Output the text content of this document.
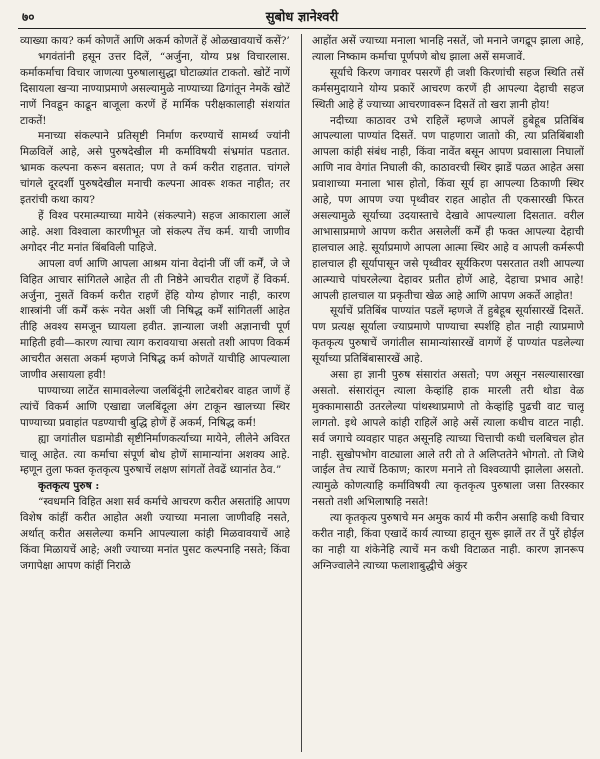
७०	सुबोध ज्ञानेश्वरी

व्याख्या काय? कर्म कोणतें आणि अकर्म कोणतें हें ओळखावयाचें कसें?’

भगवंतांनी हसून उत्तर दिलें, “अर्जुना, योग्य प्रश्न विचारलास. कर्माकर्माचा विचार जाणत्या पुरुषालासुद्धा घोटाळ्यांत टाकतो. खोटें नाणें दिसायला खऱ्या नाण्याप्रमाणे असल्यामुळे नाण्याच्या ढिगांतून नेमकें खोटें नाणें निवडून काढून बाजूला करणें हें मार्मिक परीक्षकालाही संशयांत टाकतें!

मनाच्या संकल्पाने प्रतिसृष्टी निर्माण करण्याचें सामर्थ्य ज्यांनी मिळविलें आहे, असे पुरुषदेखील मी कर्माविषयी संभ्रमांत पडतात. भ्रामक कल्पना करून बसतात; पण ते कर्म करीत राहतात. चांगले चांगले दूरदर्शी पुरुषदेखील मनाची कल्पना आवरू शकत नाहीत; तर इतरांची कथा काय?

हें विश्व परमात्म्याच्या मायेने (संकल्पाने) सहज आकाराला आलें आहे. अशा विश्वाला कारणीभूत जो संकल्प तेंच कर्म. याची जाणीव अगोदर नीट मनांत बिंबविली पाहिजे.

आपला वर्ण आणि आपला आश्रम यांना वेदांनी जीं जीं कर्में, जे जे विहित आचार सांगितले आहेत ती ती निष्ठेने आचरीत राहणें हें विकर्म. अर्जुना, नुसतें विकर्म करीत राहणें हेंहि योग्य होणार नाही, कारण शास्त्रांनी जीं कर्में करूं नयेत अशीं जी निषिद्ध कर्में सांगितलीं आहेत तीहि अवश्य समजून घ्यायला हवीत. ज्ञान्याला जशी अज्ञानाची पूर्ण माहिती हवी—कारण त्याचा त्याग करावयाचा असतो तशी आपण विकर्म आचरीत असता अकर्म म्हणजे निषिद्ध कर्म कोणतें याचीहि आपल्याला जाणीव असायला हवी!

पाण्याच्या लाटेंत सामावलेल्या जलबिंदूंनी लाटेबरोबर वाहत जाणें हें त्यांचें विकर्म आणि एखाद्या जलबिंदूला अंग टाकून खालच्या स्थिर पाण्याच्या प्रवाहांत पडण्याची बुद्धि होणें हें अकर्म, निषिद्ध कर्म!

ह्या जगांतील घडामोडी सृष्टीनिर्माणकर्त्याच्या मायेने, लीलेने अविरत चालू आहेत. त्या कर्माचा संपूर्ण बोध होणें सामान्यांना अशक्य आहे. म्हणून तुला फक्त कृतकृत्य पुरुषाचें लक्षण सांगतों तेवढें ध्यानांत ठेव.”

कृतकृत्य पुरुष :

“स्वधमनि विहित अशा सर्व कर्माचे आचरण करीत असतांहि आपण विशेष कांहीं करीत आहोत अशी ज्याच्या मनाला जाणीवहि नसते, अर्थात् करीत असलेल्या कमनि आपल्याला कांही मिळवावयाचें आहे किंवा मिळायचें आहे; अशी ज्याच्या मनांत पुसट कल्पनाहि नसते; किंवा जगापेक्षा आपण कांहीं निराळे

आहोंत असें ज्याच्या मनाला भानहि नसतें, जो मनाने जगद्रूप झाला आहे, त्याला निष्काम कर्माचा पूर्णपणे बोध झाला असें समजावें.

सूर्याचे किरण जगावर पसरणें ही जशी किरणांची सहज स्थिति तसें कर्मसमुदायाने योग्य प्रकारें आचरण करणें ही आपल्या देहाची सहज स्थिती आहे हें ज्याच्या आचरणावरून दिसतें तो खरा ज्ञानी होय!

नदीच्या काठावर उभे राहिलें म्हणजे आपलें हुबेहूब प्रतिबिंब आपल्याला पाण्यांत दिसतें. पण पाहणारा जाताो की, त्या प्रतिबिंबाशी आपला कांही संबंध नाही, किंवा नावेंत बसून आपण प्रवासाला निघालों आणि नाव वेगांत निघाली की, काठावरची स्थिर झाडें पळत आहेत असा प्रवाशाच्या मनाला भास होतो, किंवा सूर्य हा आपल्या ठिकाणी स्थिर आहे, पण आपण ज्या पृथ्वीवर राहत आहोत ती एकसारखी फिरत असल्यामुळे सूर्याच्या उदयास्ताचे देखावे आपल्याला दिसतात. वरील आभासाप्रमाणे आपण करीत असलेलीं कर्में ही फक्त आपल्या देहाची हालचाल आहे. सूर्याप्रमाणे आपला आत्मा स्थिर आहे व आपली कर्मरूपी हालचाल ही सूर्यापासून जसे पृथ्वीवर सूर्यकिरण पसरतात तशी आपल्या आत्म्याचे पांघरलेल्या देहावर प्रतीत होणें आहे, देहाचा प्रभाव आहे! आपली हालचाल या प्रकृतीचा खेळ आहे आणि आपण अकर्ते आहोत!

सूर्याचें प्रतिबिंब पाण्यांत पडलें म्हणजे तें हुबेहूब सूर्यासारखें दिसतें. पण प्रत्यक्ष सूर्याला ज्याप्रमाणे पाण्याचा स्पर्शहि होत नाही त्याप्रमाणे कृतकृत्य पुरुषाचें जगांतील सामान्यांसारखें वागणें हें पाण्यांत पडलेल्या सूर्याच्या प्रतिबिंबासारखें आहे.

असा हा ज्ञानी पुरुष संसारांत असतो; पण असून नसल्यासारखा असतो. संसारांतून त्याला केव्हांहि हाक मारली तरी थोडा वेळ मुक्कामासाठी उतरलेल्या पांथस्थाप्रमाणे तो केव्हांहि पुढची वाट चालू लागतो. इथे आपले कांही राहिलें आहे असें त्याला कधीच वाटत नाही. सर्व जगाचे व्यवहार पाहत असूनहि त्याच्या चित्ताची कधी चलबिचल होत नाही. सुखोपभोग वाट्याला आले तरी तो ते अलिप्ततेने भोगतो. तो जिथे जाईल तेच त्याचें ठिकाण; कारण मनाने तो विश्वव्यापी झालेला असतो. त्यामुळे कोणत्याहि कर्माविषयी त्या कृतकृत्य पुरुषाला जसा तिरस्कार नसतो तशी अभिलाषाहि नसते!

त्या कृतकृत्य पुरुषाचे मन अमुक कार्य मी करीन असाहि कधी विचार करीत नाही, किंवा एखादें कार्य त्याच्या हातून सुरू झालें तर तें पुरें होईल का नाही या शंकेनेहि त्याचें मन कधी विटाळत नाही. कारण ज्ञानरूप अग्निज्वालेने त्याच्या फलाशाबुद्धीचे अंकुर
